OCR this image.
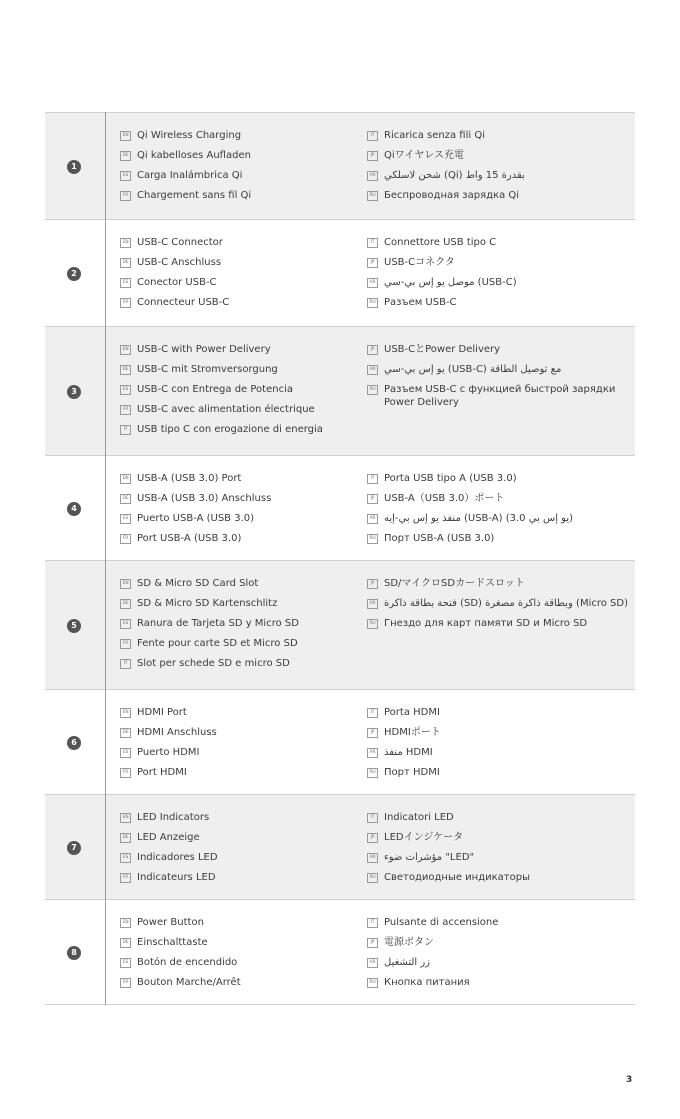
1
EN Qi Wireless Charging
DE Qi kabelloses Aufladen
ES Carga Inalámbrica Qi
FR Chargement sans fil Qi
IT Ricarica senza fili Qi
JP Qiワイヤレス充電
AR شحن لاسلكي (Qi) بقدرة 15 واط
RU Беспроводная зарядка Qi
2
EN USB-C Connector
DE USB-C Anschluss
ES Conector USB-C
FR Connecteur USB-C
IT Connettore USB tipo C
JP USB-Cコネクタ
AR موصل يو إس بي-سي (USB-C)
RU Разъем USB-C
3
EN USB-C with Power Delivery
DE USB-C mit Stromversorgung
ES USB-C con Entrega de Potencia
FR USB-C avec alimentation électrique
IT USB tipo C con erogazione di energia
JP USB-CとPower Delivery
AR يو إس بي-سي (USB-C) مع توصيل الطاقة
RU Разъем USB-C с функцией быстрой зарядки Power Delivery
4
EN USB-A (USB 3.0) Port
DE USB-A (USB 3.0) Anschluss
ES Puerto USB-A (USB 3.0)
FR Port USB-A (USB 3.0)
IT Porta USB tipo A (USB 3.0)
JP USB-A（USB 3.0）ポート
AR منفذ يو إس بي-إيه (USB-A) (يو إس بي 3.0)
RU Порт USB-A (USB 3.0)
5
EN SD & Micro SD Card Slot
DE SD & Micro SD Kartenschlitz
ES Ranura de Tarjeta SD y Micro SD
FR Fente pour carte SD et Micro SD
IT Slot per schede SD e micro SD
JP SD/マイクロSDカードスロット
AR فتحة بطاقة ذاكرة (SD) وبطاقة ذاكرة مصغرة (Micro SD)
RU Гнездо для карт памяти SD и Micro SD
6
EN HDMI Port
DE HDMI Anschluss
ES Puerto HDMI
FR Port HDMI
IT Porta HDMI
JP HDMIポート
AR منفذ HDMI
RU Порт HDMI
7
EN LED Indicators
DE LED Anzeige
ES Indicadores LED
FR Indicateurs LED
IT Indicatori LED
JP LEDインジケータ
AR مؤشرات ضوء "LED"
RU Светодиодные индикаторы
8
EN Power Button
DE Einschalttaste
ES Botón de encendido
FR Bouton Marche/Arrêt
IT Pulsante di accensione
JP 電源ボタン
AR زر التشغيل
RU Кнопка питания
3
